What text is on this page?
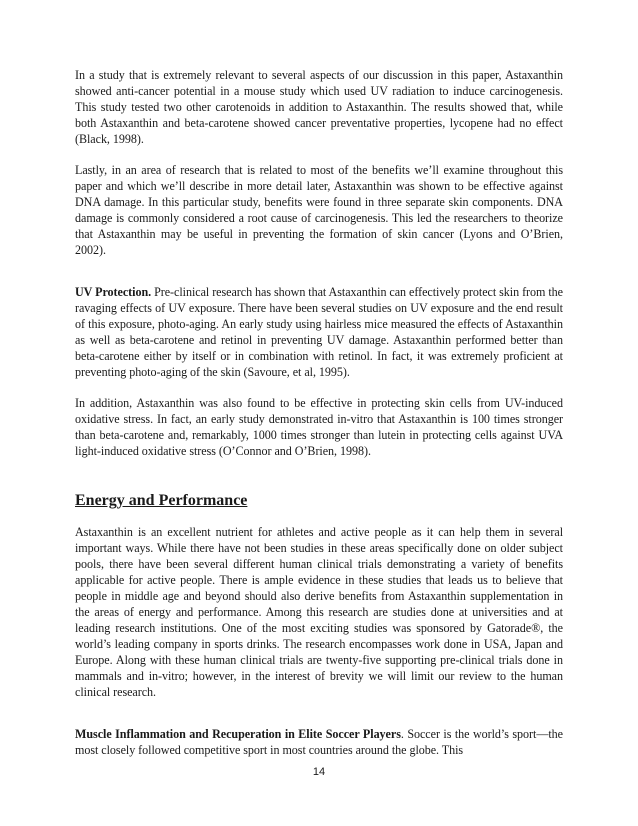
In a study that is extremely relevant to several aspects of our discussion in this paper, Astaxanthin showed anti-cancer potential in a mouse study which used UV radiation to induce carcinogenesis. This study tested two other carotenoids in addition to Astaxanthin. The results showed that, while both Astaxanthin and beta-carotene showed cancer preventative properties, lycopene had no effect (Black, 1998).

Lastly, in an area of research that is related to most of the benefits we’ll examine throughout this paper and which we’ll describe in more detail later, Astaxanthin was shown to be effective against DNA damage. In this particular study, benefits were found in three separate skin components. DNA damage is commonly considered a root cause of carcinogenesis. This led the researchers to theorize that Astaxanthin may be useful in preventing the formation of skin cancer (Lyons and O’Brien, 2002).

UV Protection. Pre-clinical research has shown that Astaxanthin can effectively protect skin from the ravaging effects of UV exposure. There have been several studies on UV exposure and the end result of this exposure, photo-aging. An early study using hairless mice measured the effects of Astaxanthin as well as beta-carotene and retinol in preventing UV damage. Astaxanthin performed better than beta-carotene either by itself or in combination with retinol. In fact, it was extremely proficient at preventing photo-aging of the skin (Savoure, et al, 1995).

In addition, Astaxanthin was also found to be effective in protecting skin cells from UV-induced oxidative stress. In fact, an early study demonstrated in-vitro that Astaxanthin is 100 times stronger than beta-carotene and, remarkably, 1000 times stronger than lutein in protecting cells against UVA light-induced oxidative stress (O’Connor and O’Brien, 1998).

Energy and Performance

Astaxanthin is an excellent nutrient for athletes and active people as it can help them in several important ways. While there have not been studies in these areas specifically done on older subject pools, there have been several different human clinical trials demonstrating a variety of benefits applicable for active people. There is ample evidence in these studies that leads us to believe that people in middle age and beyond should also derive benefits from Astaxanthin supplementation in the areas of energy and performance. Among this research are studies done at universities and at leading research institutions. One of the most exciting studies was sponsored by Gatorade®, the world’s leading company in sports drinks. The research encompasses work done in USA, Japan and Europe. Along with these human clinical trials are twenty-five supporting pre-clinical trials done in mammals and in-vitro; however, in the interest of brevity we will limit our review to the human clinical research.

Muscle Inflammation and Recuperation in Elite Soccer Players. Soccer is the world’s sport—the most closely followed competitive sport in most countries around the globe. This

14
